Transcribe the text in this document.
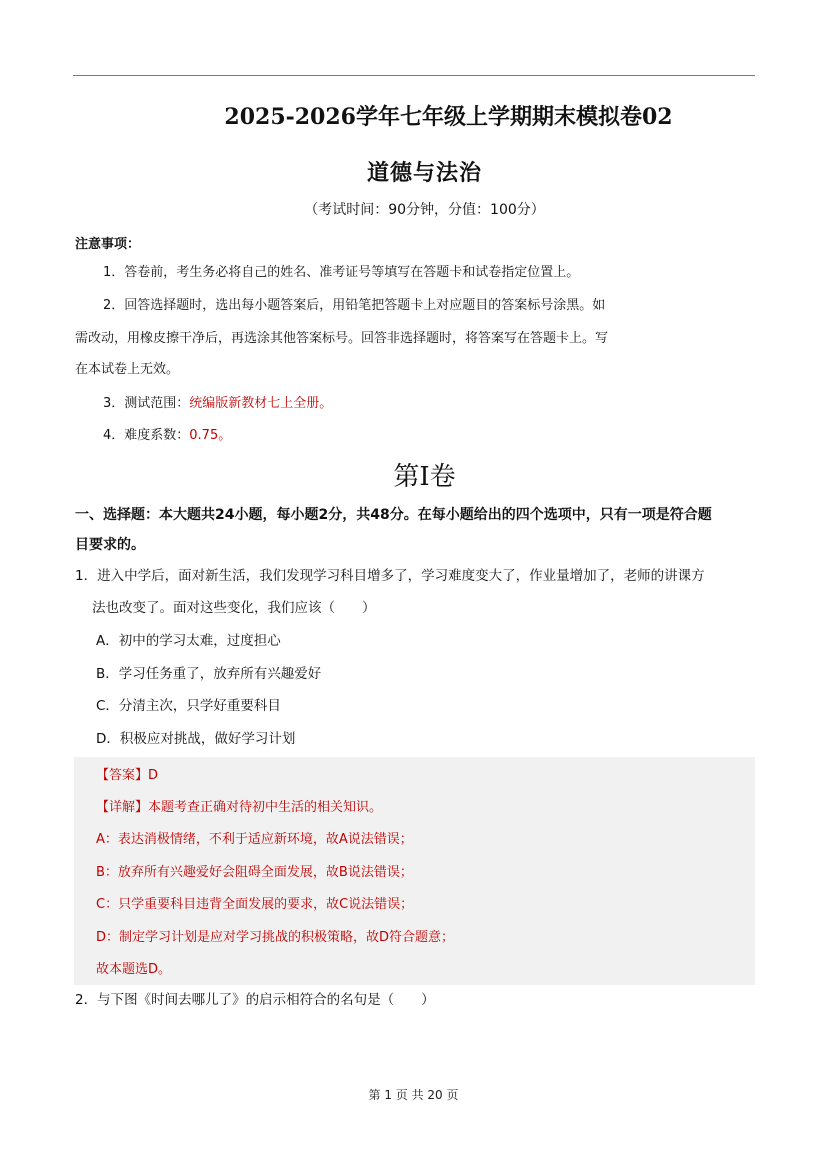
2025-2026学年七年级上学期期末模拟卷02
道德与法治
（考试时间：90分钟，分值：100分）
注意事项：
1．答卷前，考生务必将自己的姓名、准考证号等填写在答题卡和试卷指定位置上。
2．回答选择题时，选出每小题答案后，用铅笔把答题卡上对应题目的答案标号涂黑。如
需改动，用橡皮擦干净后，再选涂其他答案标号。回答非选择题时，将答案写在答题卡上。写
在本试卷上无效。
3．测试范围：统编版新教材七上全册。
4．难度系数：0.75。
第I卷
一、选择题：本大题共24小题，每小题2分，共48分。在每小题给出的四个选项中，只有一项是符合题
目要求的。
1．进入中学后，面对新生活，我们发现学习科目增多了，学习难度变大了，作业量增加了，老师的讲课方
法也改变了。面对这些变化，我们应该（　　）
A．初中的学习太难，过度担心
B．学习任务重了，放弃所有兴趣爱好
C．分清主次，只学好重要科目
D．积极应对挑战，做好学习计划
【答案】D
【详解】本题考查正确对待初中生活的相关知识。
A：表达消极情绪，不利于适应新环境，故A说法错误；
B：放弃所有兴趣爱好会阻碍全面发展，故B说法错误；
C：只学重要科目违背全面发展的要求，故C说法错误；
D：制定学习计划是应对学习挑战的积极策略，故D符合题意；
故本题选D。
2．与下图《时间去哪儿了》的启示相符合的名句是（　　）
第 1 页 共 20 页
